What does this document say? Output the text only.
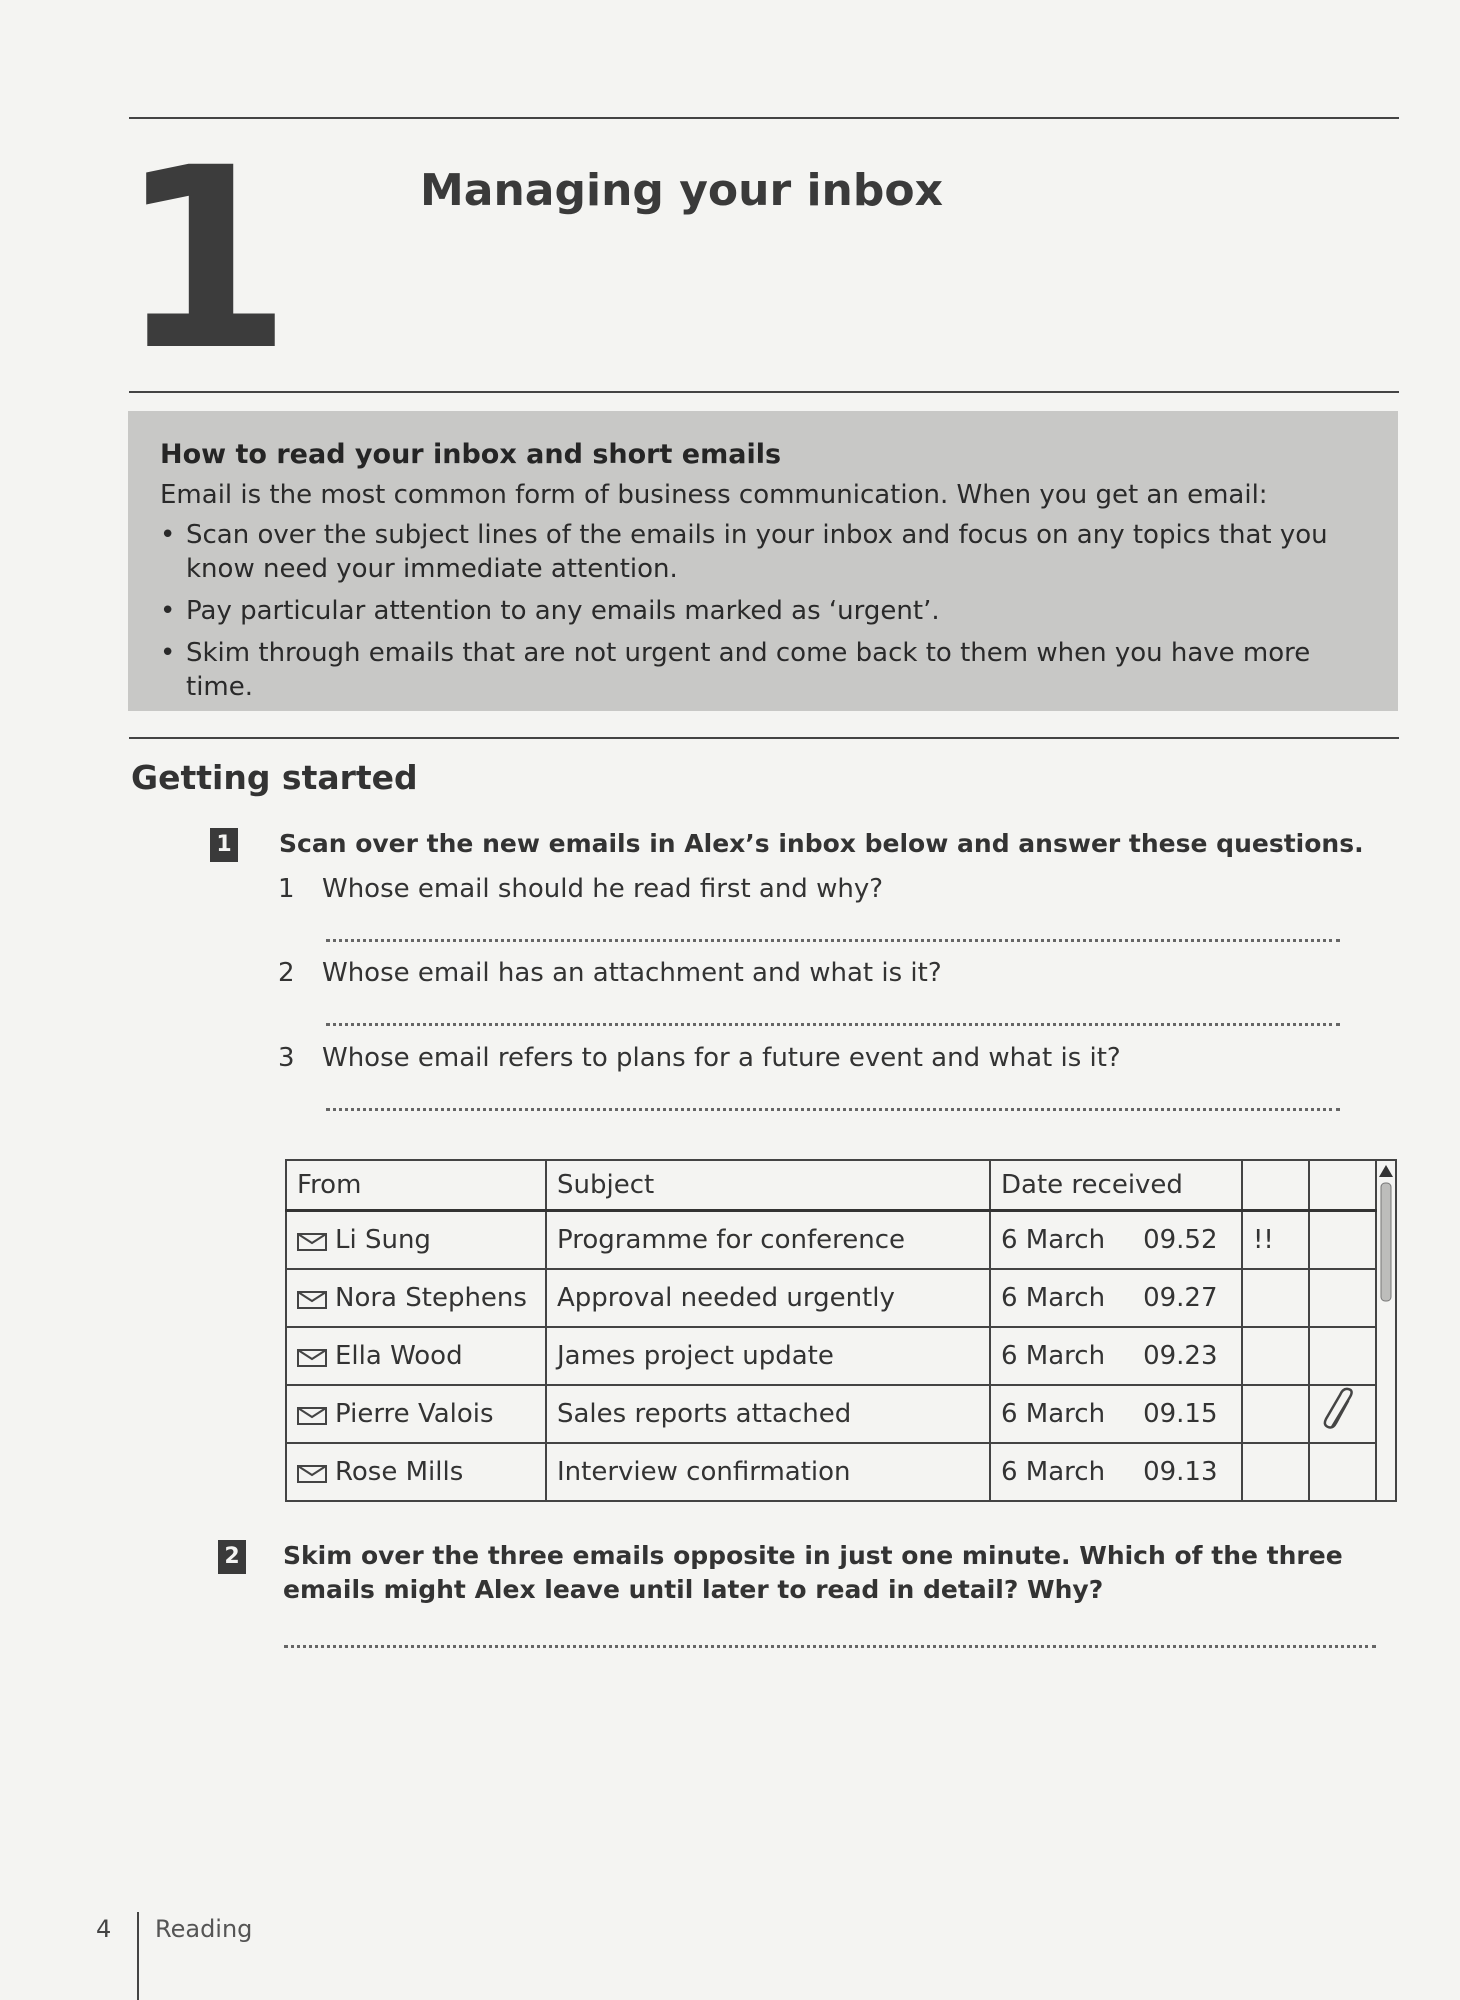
1	Managing your inbox
How to read your inbox and short emails

Email is the most common form of business communication. When you get an email:

• Scan over the subject lines of the emails in your inbox and focus on any topics that you know need your immediate attention.
• Pay particular attention to any emails marked as ‘urgent’.
• Skim through emails that are not urgent and come back to them when you have more time.
Getting started
1 Scan over the new emails in Alex’s inbox below and answer these questions.
1 Whose email should he read first and why?
2 Whose email has an attachment and what is it?
3 Whose email refers to plans for a future event and what is it?
From	Subject	Date received			
Li Sung	Programme for conference	6 March 09.52	!!		
Nora Stephens	Approval needed urgently	6 March 09.27			
Ella Wood	James project update	6 March 09.23			
Pierre Valois	Sales reports attached	6 March 09.15		
Rose Mills	Interview confirmation	6 March 09.13			
2 Skim over the three emails opposite in just one minute. Which of the three emails might Alex leave until later to read in detail? Why?
4 Reading
